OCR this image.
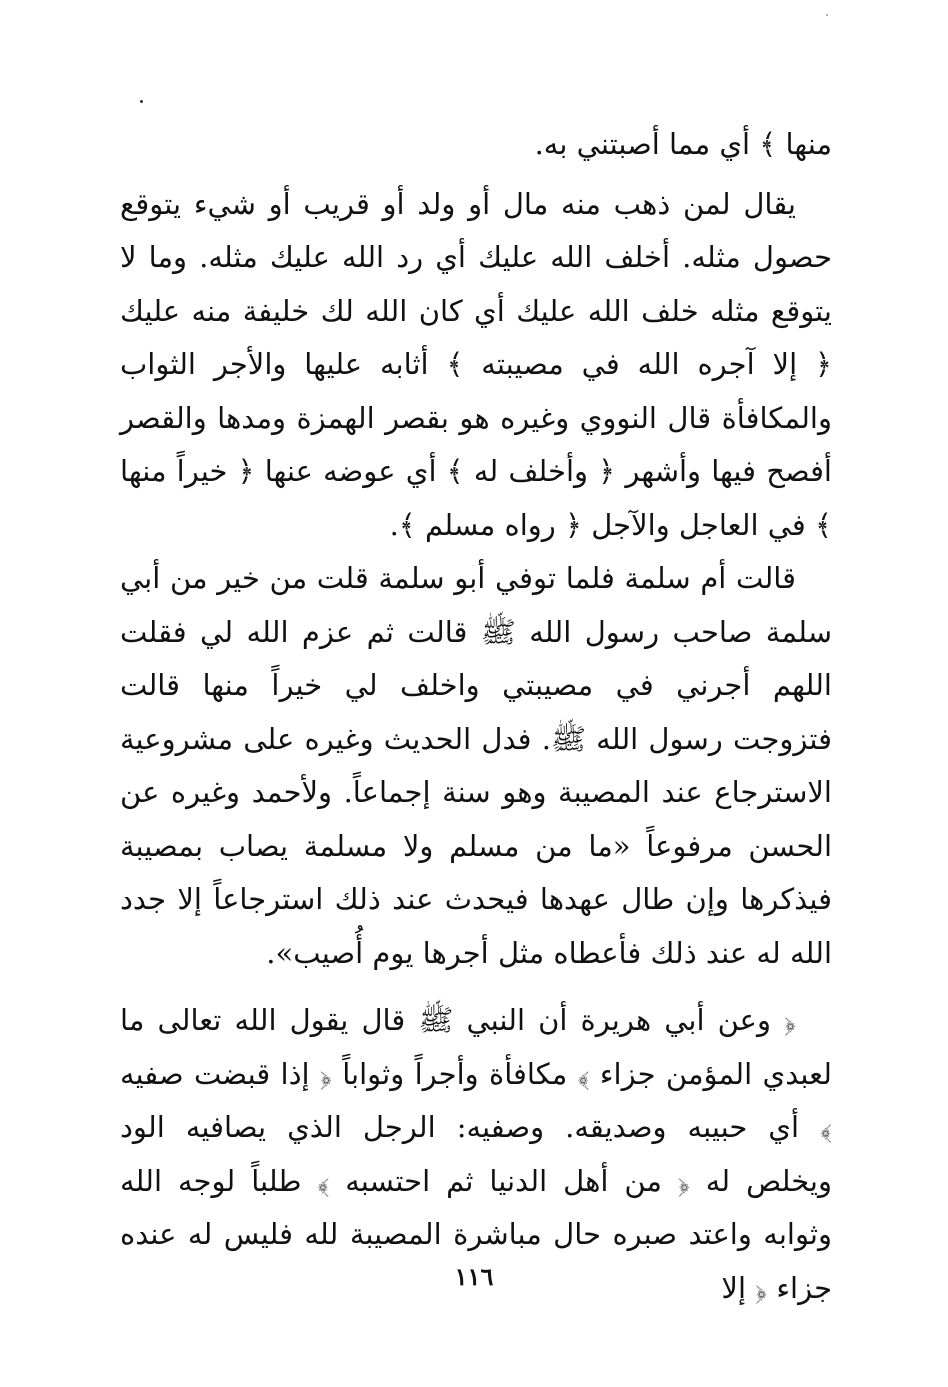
منها ﴾ أي مما أصبتني به.

يقال لمن ذهب منه مال أو ولد أو قريب أو شيء يتوقع حصول مثله. أخلف الله عليك أي رد الله عليك مثله. وما لا يتوقع مثله خلف الله عليك أي كان الله لك خليفة منه عليك ﴿ إلا آجره الله في مصيبته ﴾ أثابه عليها والأجر الثواب والمكافأة قال النووي وغيره هو بقصر الهمزة ومدها والقصر أفصح فيها وأشهر ﴿ وأخلف له ﴾ أي عوضه عنها ﴿ خيراً منها ﴾ في العاجل والآجل ﴿ رواه مسلم ﴾.

قالت أم سلمة فلما توفي أبو سلمة قلت من خير من أبي سلمة صاحب رسول الله ﷺ قالت ثم عزم الله لي فقلت اللهم أجرني في مصيبتي واخلف لي خيراً منها قالت فتزوجت رسول الله ﷺ. فدل الحديث وغيره على مشروعية الاسترجاع عند المصيبة وهو سنة إجماعاً. ولأحمد وغيره عن الحسن مرفوعاً «ما من مسلم ولا مسلمة يصاب بمصيبة فيذكرها وإن طال عهدها فيحدث عند ذلك استرجاعاً إلا جدد الله له عند ذلك فأعطاه مثل أجرها يوم أُصيب».

﴿ وعن أبي هريرة أن النبي ﷺ قال يقول الله تعالى ما لعبدي المؤمن جزاء ﴾ مكافأة وأجراً وثواباً ﴿ إذا قبضت صفيه ﴾ أي حبيبه وصديقه. وصفيه: الرجل الذي يصافيه الود ويخلص له ﴿ من أهل الدنيا ثم احتسبه ﴾ طلباً لوجه الله وثوابه واعتد صبره حال مباشرة المصيبة لله فليس له عنده جزاء ﴿ إلا

١١٦
